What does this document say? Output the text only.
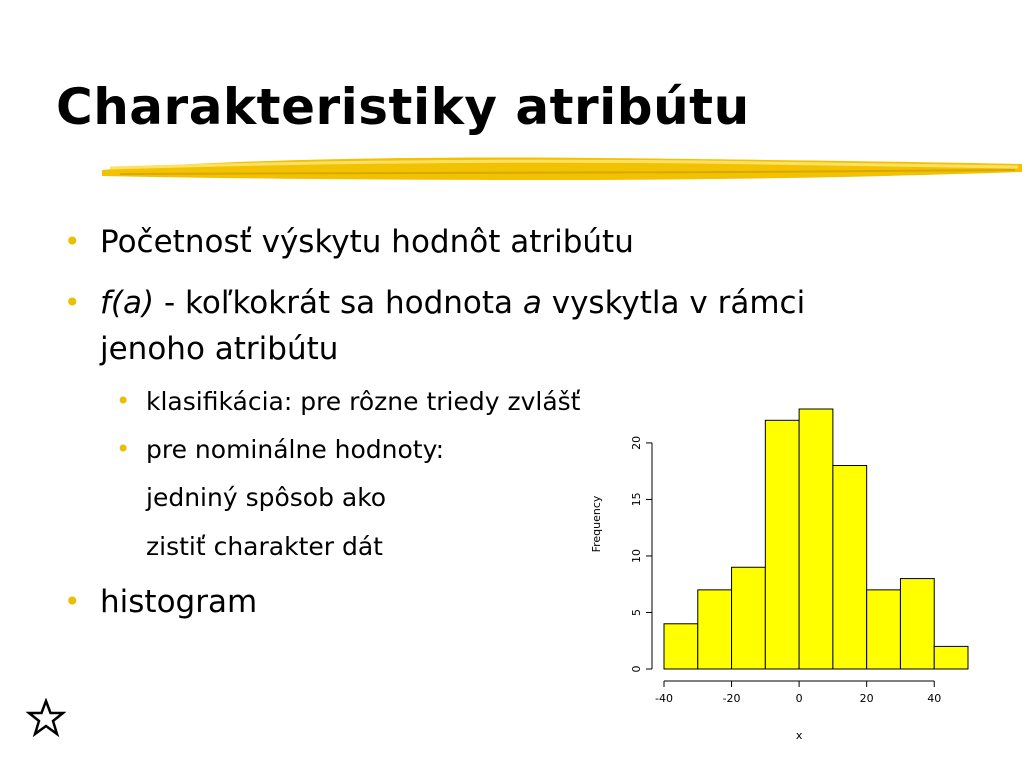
Charakteristiky atribútu
• Početnosť výskytu hodnôt atribútu
• f(a) - koľkokrát sa hodnota a vyskytla v rámci
jenoho atribútu
• klasifikácia: pre rôzne triedy zvlášť
• pre nominálne hodnoty:
jedniný spôsob ako
zistiť charakter dát
• histogram
-40	-20	0	20	40
x
0
5
10
15
20
Frequency
